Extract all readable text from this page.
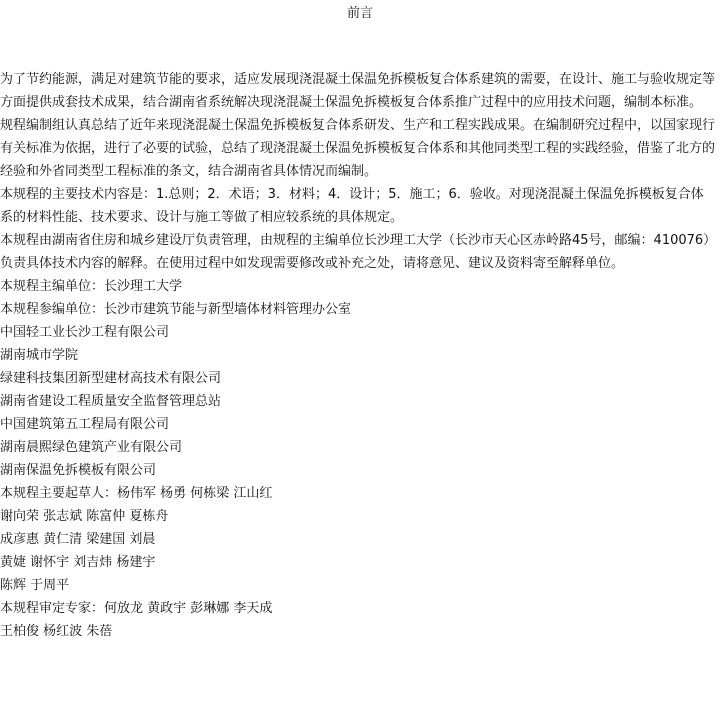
前言

为了节约能源，满足对建筑节能的要求，适应发展现浇混凝土保温免拆模板复合体系建筑的需要，在设计、施工与验收规定等方面提供成套技术成果，结合湖南省系统解决现浇混凝土保温免拆模板复合体系推广过程中的应用技术问题，编制本标准。

规程编制组认真总结了近年来现浇混凝土保温免拆模板复合体系研发、生产和工程实践成果。在编制研究过程中，以国家现行有关标准为依据，进行了必要的试验，总结了现浇混凝土保温免拆模板复合体系和其他同类型工程的实践经验，借鉴了北方的经验和外省同类型工程标准的条文，结合湖南省具体情况而编制。

本规程的主要技术内容是：1.总则；2．术语；3．材料；4．设计；5．施工；6．验收。对现浇混凝土保温免拆模板复合体系的材料性能、技术要求、设计与施工等做了相应较系统的具体规定。

本规程由湖南省住房和城乡建设厅负责管理，由规程的主编单位长沙理工大学（长沙市天心区赤岭路45号，邮编：410076）负责具体技术内容的解释。在使用过程中如发现需要修改或补充之处，请将意见、建议及资料寄至解释单位。

本规程主编单位：长沙理工大学

本规程参编单位：长沙市建筑节能与新型墙体材料管理办公室

中国轻工业长沙工程有限公司

湖南城市学院

绿建科技集团新型建材高技术有限公司

湖南省建设工程质量安全监督管理总站

中国建筑第五工程局有限公司

湖南晨熙绿色建筑产业有限公司

湖南保温免拆模板有限公司

本规程主要起草人：杨伟军 杨勇 何栋梁 江山红

谢向荣 张志斌 陈富仲 夏栋舟

成彦惠 黄仁清 梁建国 刘晨

黄婕 谢怀宇 刘吉炜 杨建宇

陈辉 于周平

本规程审定专家：何放龙 黄政宇 彭琳娜 李天成

王柏俊 杨红波 朱蓓
